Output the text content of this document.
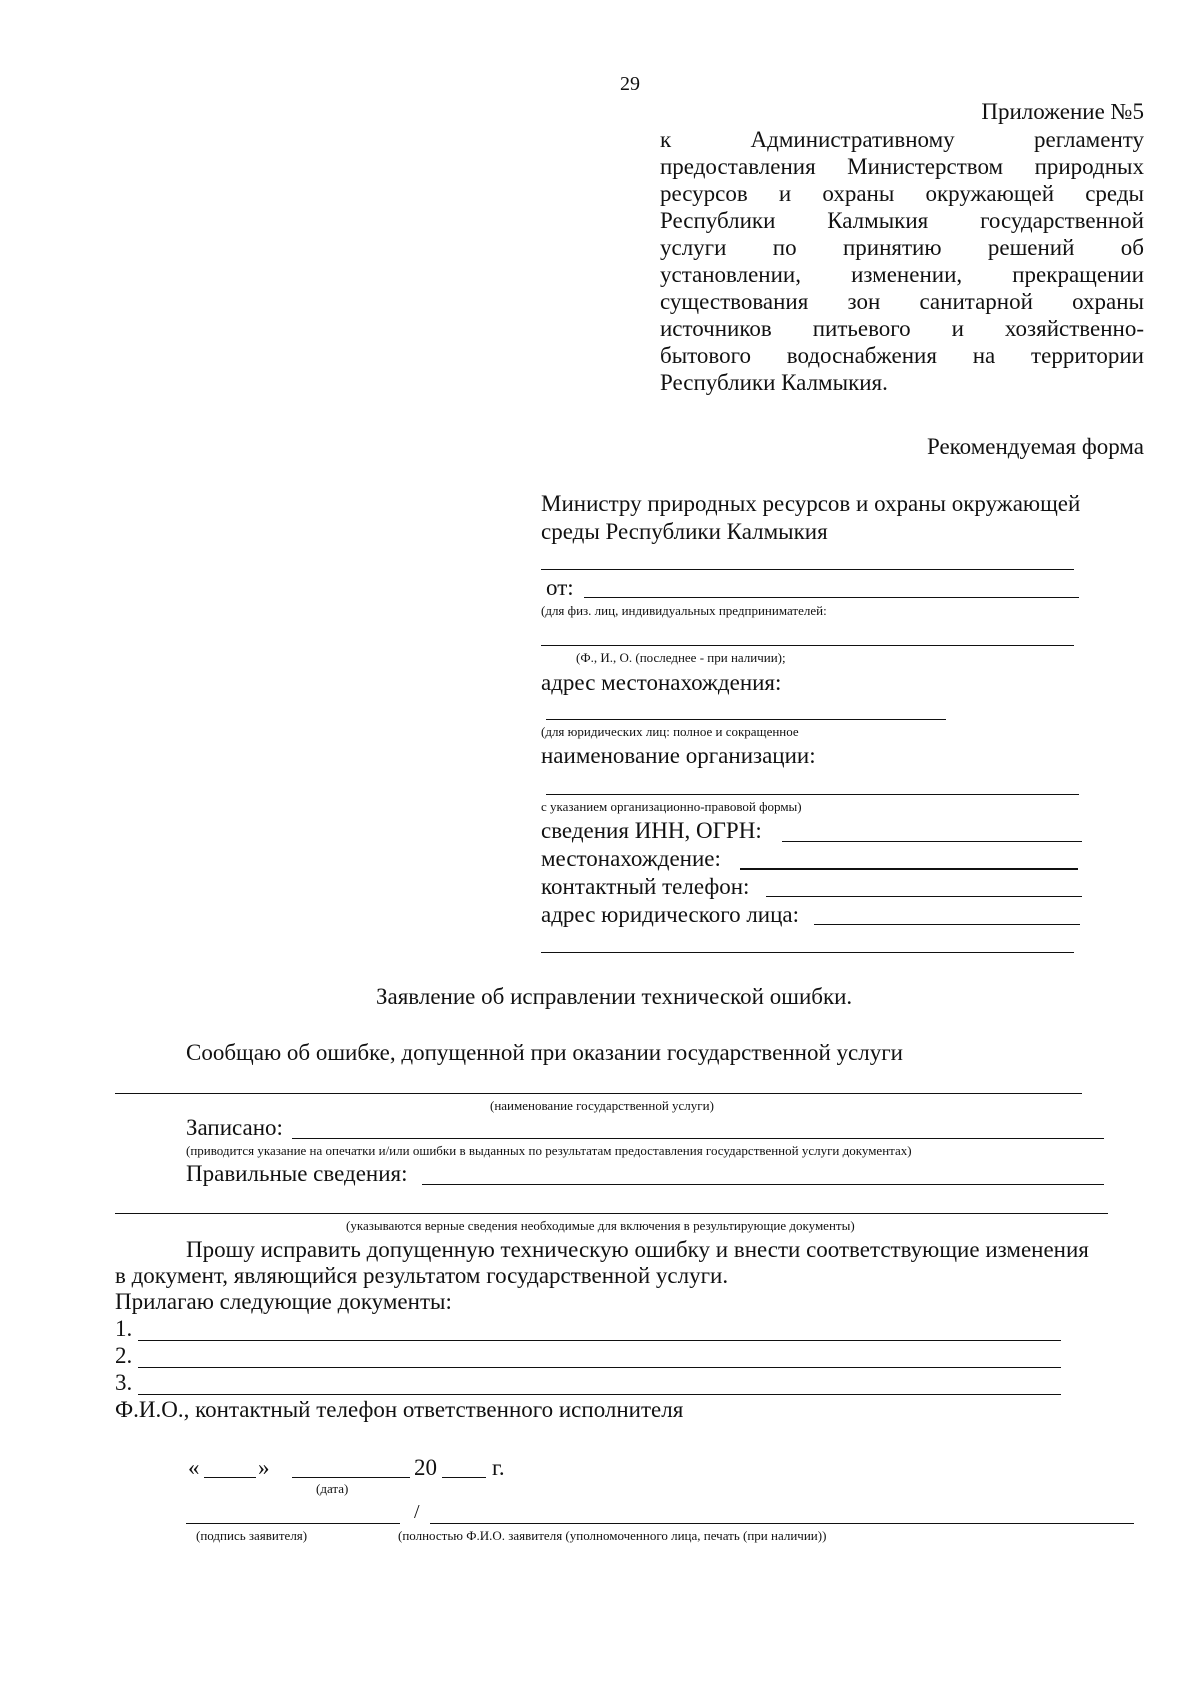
29
Приложение №5
к Административному регламенту
предоставления Министерством природных
ресурсов и охраны окружающей среды
Республики Калмыкия государственной
услуги по принятию решений об
установлении, изменении, прекращении
существования зон санитарной охраны
источников питьевого и хозяйственно-
бытового водоснабжения на территории
Республики Калмыкия.
Рекомендуемая форма
Министру природных ресурсов и охраны окружающей
среды Республики Калмыкия
от:
(для физ. лиц, индивидуальных предпринимателей:
(Ф., И., О. (последнее - при наличии);
адрес местонахождения:
(для юридических лиц: полное и сокращенное
наименование организации:
с указанием организационно-правовой формы)
сведения ИНН, ОГРН:
местонахождение:
контактный телефон:
адрес юридического лица:
Заявление об исправлении технической ошибки.
Сообщаю об ошибке, допущенной при оказании государственной услуги
(наименование государственной услуги)
Записано:
(приводится указание на опечатки и/или ошибки в выданных по результатам предоставления государственной услуги документах)
Правильные сведения:
(указываются верные сведения необходимые для включения в результирующие документы)
Прошу исправить допущенную техническую ошибку и внести соответствующие изменения
в документ, являющийся результатом государственной услуги.
Прилагаю следующие документы:
1.
2.
3.
Ф.И.О., контактный телефон ответственного исполнителя
«	»	20 г.
(дата)
/
(подпись заявителя)	(полностью Ф.И.О. заявителя (уполномоченного лица, печать (при наличии))
